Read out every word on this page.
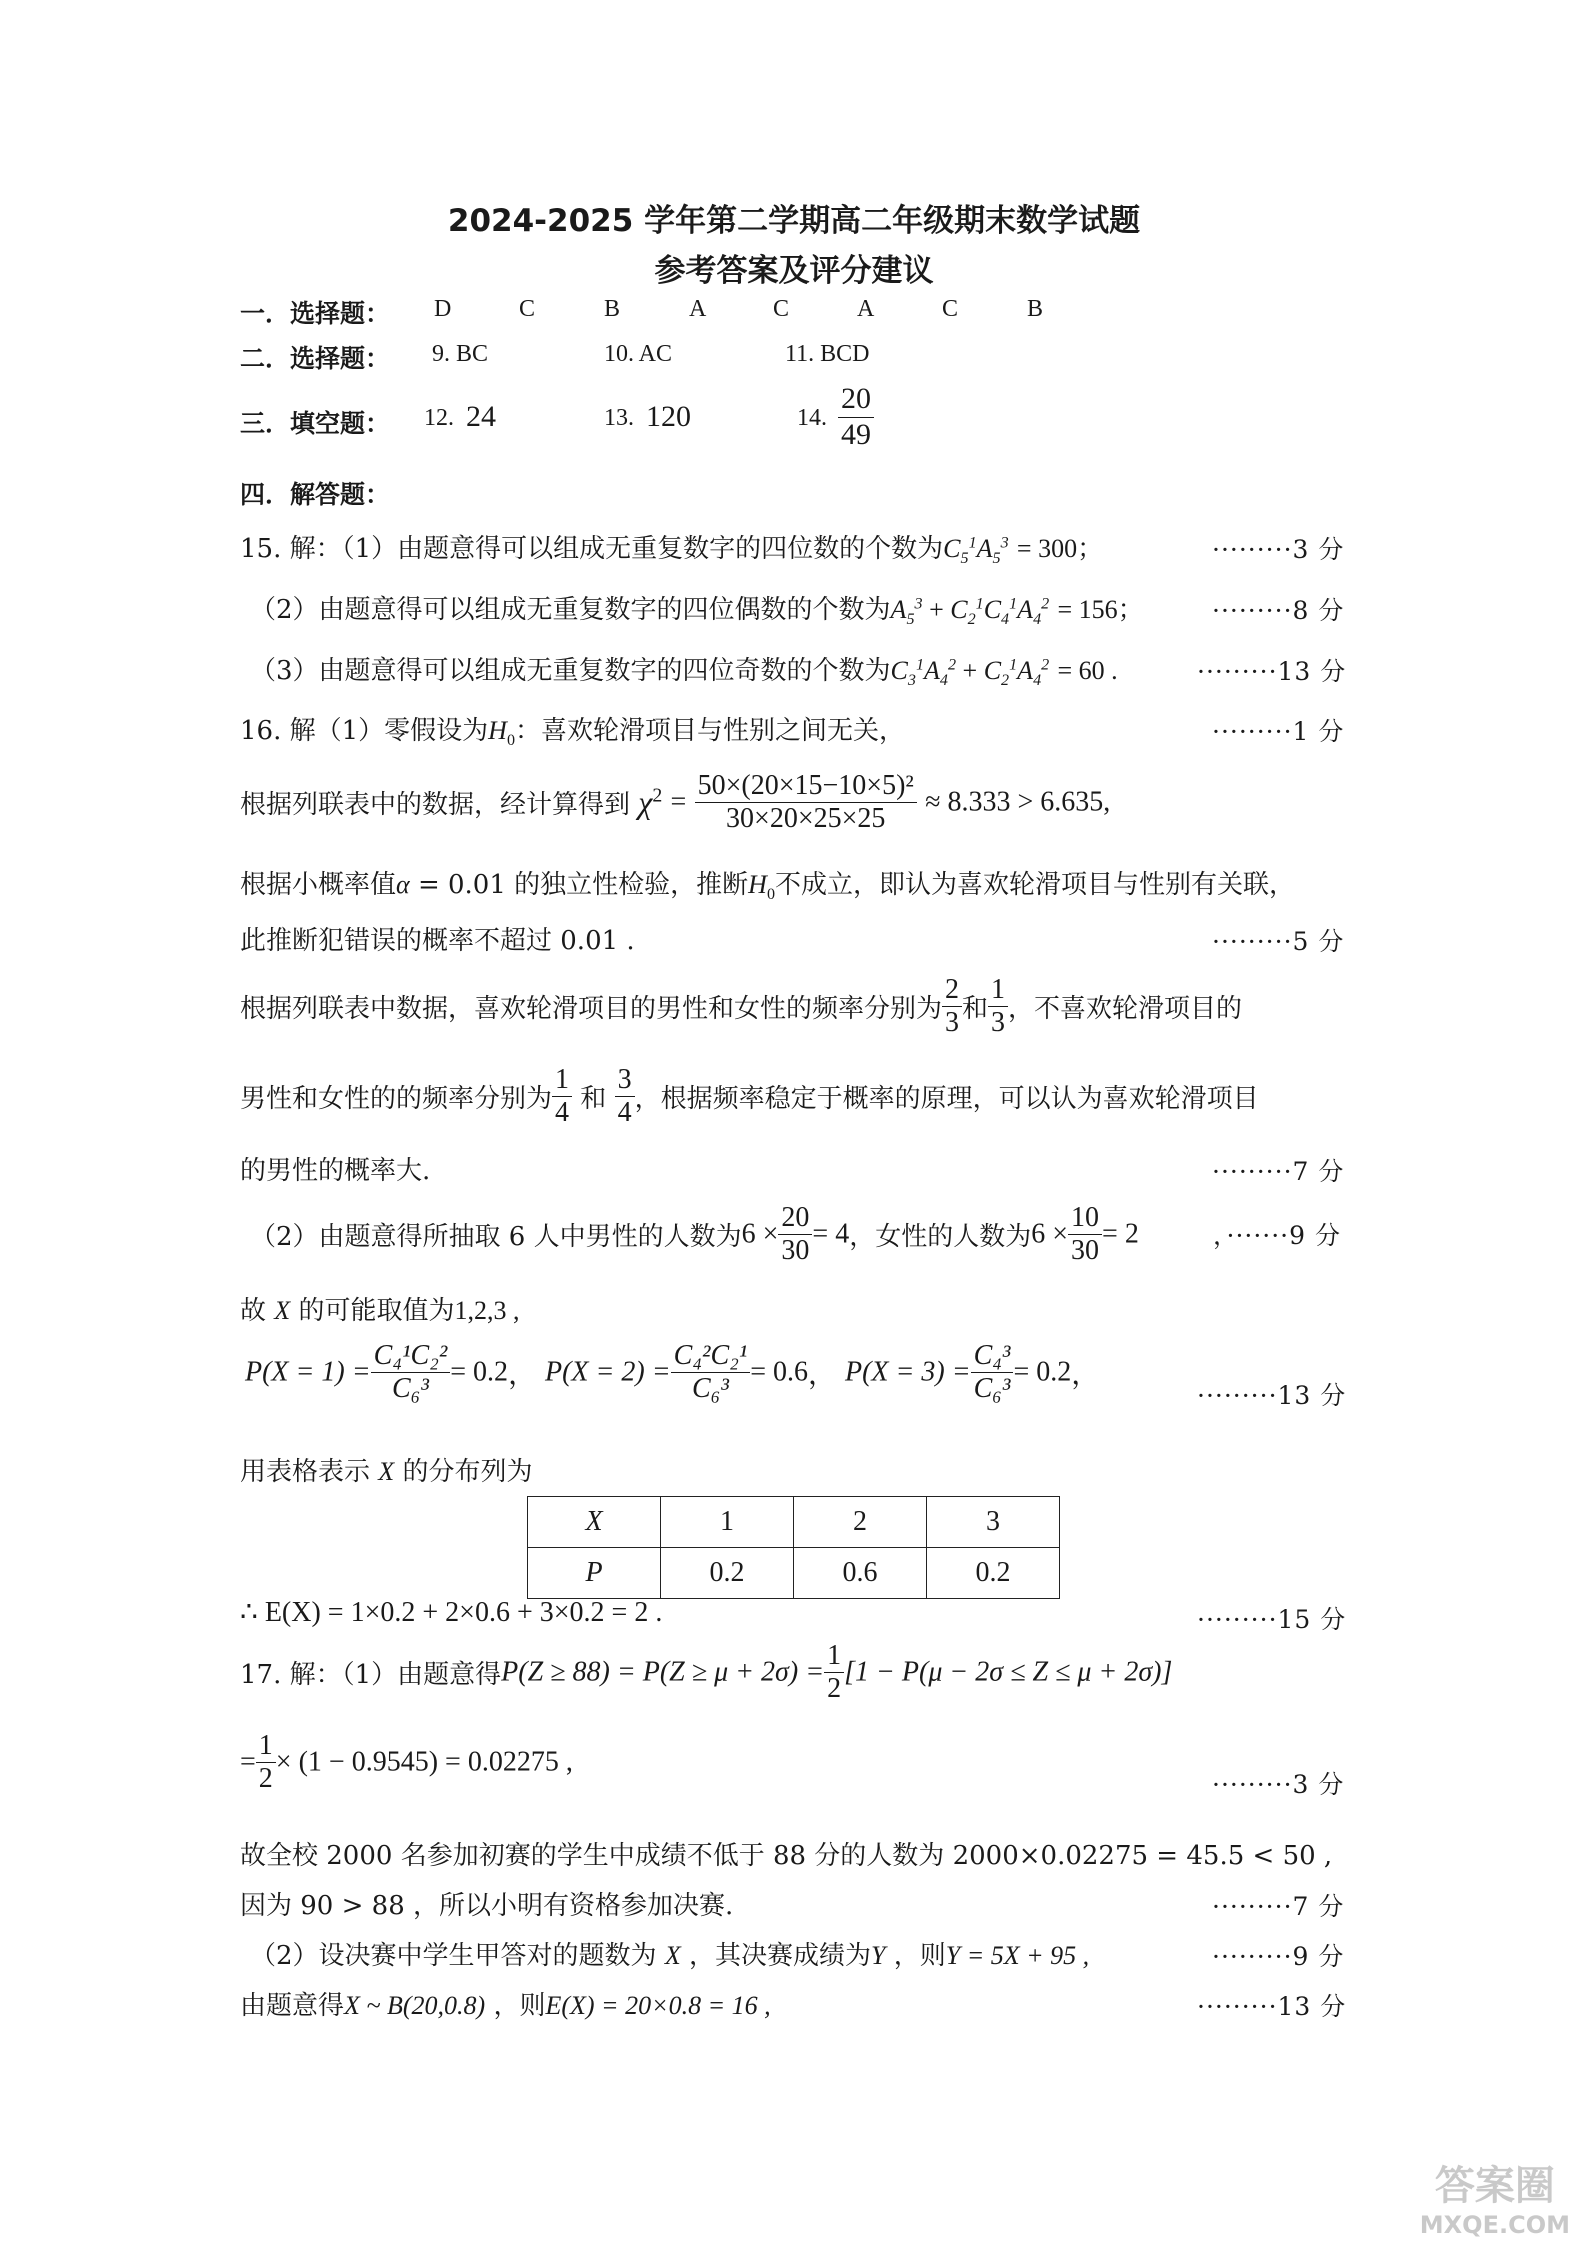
2024-2025 学年第二学期高二年级期末数学试题
参考答案及评分建议
一．选择题： D	C	B	A	C	A	C	B
二．选择题： 9. BC	10. AC	11. BCD
三．填空题： 12. 24	13. 120	14. $\frac{20}{49}$
四．解答题：
15. 解：（1）由题意得可以组成无重复数字的四位数的个数为$C_5^1A_5^3 = 300$；	·········3 分
（2）由题意得可以组成无重复数字的四位偶数的个数为$A_5^3 + C_2^1C_4^1A_4^2 = 156$；	·········8 分
（3）由题意得可以组成无重复数字的四位奇数的个数为$C_3^1A_4^2 + C_2^1A_4^2 = 60$ .	·········13 分
16. 解（1）零假设为$H_0$：喜欢轮滑项目与性别之间无关，	·········1 分
根据列联表中的数据，经计算得到 $\chi^2 = \frac{\text{50×(20×15−10×5)²}}{30\times 20\times 25\times 25} \approx 8.333 > 6.635$,
根据小概率值α = 0.01 的独立性检验，推断$H_0$不成立，即认为喜欢轮滑项目与性别有关联，
此推断犯错误的概率不超过 0.01 .	·········5 分
根据列联表中数据，喜欢轮滑项目的男性和女性的频率分别为 $\frac{2}{3}$ 和 $\frac{1}{3}$ ，不喜欢轮滑项目的
男性和女性的的频率分别为 $\frac{1}{4}$ 和 $\frac{3}{4}$ ，根据频率稳定于概率的原理，可以认为喜欢轮滑项目
的男性的概率大.	·········7 分
（2）由题意得所抽取 6 人中男性的人数为$6 \times \frac{20}{30} = 4$，女性的人数为$6 \times \frac{10}{30} = 2$	，·······9 分
故 X 的可能取值为1,2,3 ,
$P(X = 1) = \frac{\text{C₄¹C₂²}}{\text{C₆³}} = 0.2$， $P(X = 2) = \frac{\text{C₄²C₂¹}}{\text{C₆³}} = 0.6$， $P(X = 3) = \frac{\text{C₄³}}{\text{C₆³}} = 0.2$，
·········13 分
用表格表示 X 的分布列为
X	1	2	3
P	0.2	0.6	0.2
∴ E(X) = 1×0.2 + 2×0.6 + 3×0.2 = 2 .	·········15 分
17. 解：（1）由题意得$P(Z \ge 88) = P(Z \ge \mu + 2\sigma) = \frac{1}{2} [1 - P(\mu - 2\sigma \le Z \le \mu + 2\sigma)]$
= $\frac{1}{2} \times (1 - 0.9545) = 0.02275$ ,
·········3 分
故全校 2000 名参加初赛的学生中成绩不低于 88 分的人数为 2000×0.02275 = 45.5 < 50 ,
因为 90 > 88 ，所以小明有资格参加决赛.	·········7 分
（2）设决赛中学生甲答对的题数为 X ，其决赛成绩为Y ，则Y = 5X + 95 ,	·········9 分
由题意得X ~ B(20,0.8) ，则E(X) = 20×0.8 = 16 ,	·········13 分
答案圈
MXQE.COM
